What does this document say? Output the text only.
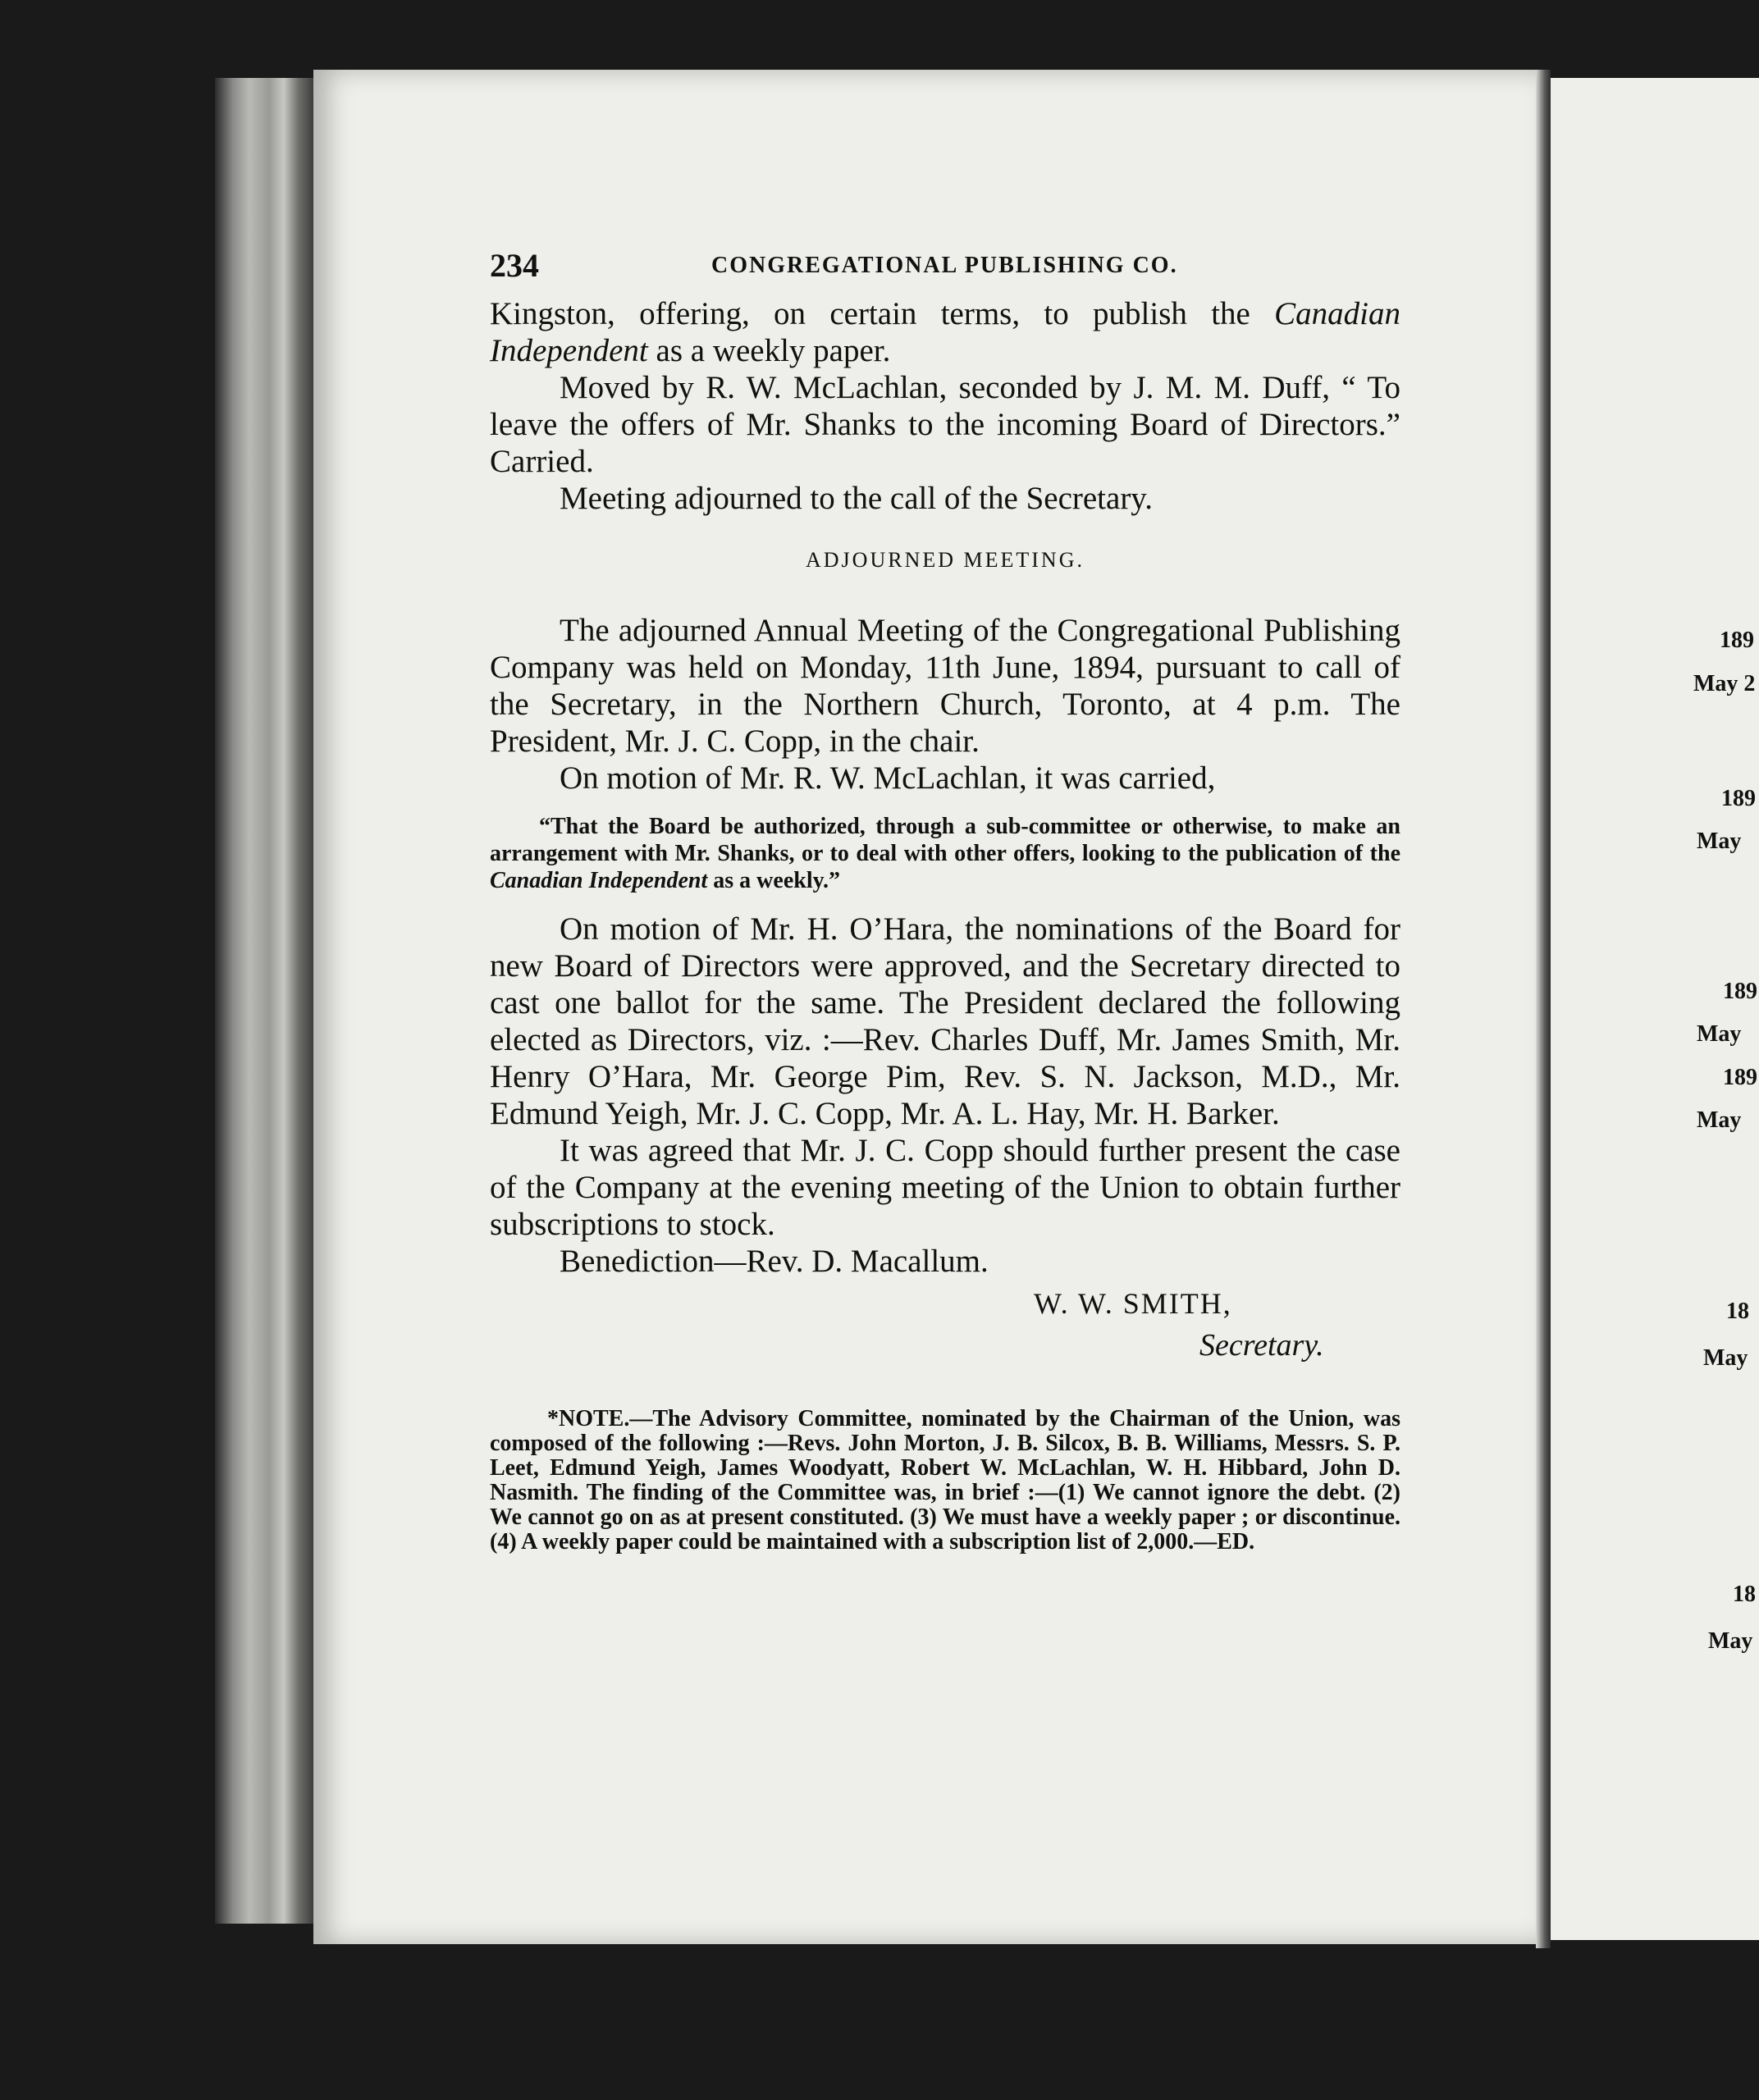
234	CONGREGATIONAL PUBLISHING CO.

Kingston, offering, on certain terms, to publish the Canadian Independent as a weekly paper.

Moved by R. W. McLachlan, seconded by J. M. M. Duff, “ To leave the offers of Mr. Shanks to the incoming Board of Directors.” Carried.

Meeting adjourned to the call of the Secretary.

ADJOURNED MEETING.

The adjourned Annual Meeting of the Congregational Publishing Company was held on Monday, 11th June, 1894, pursuant to call of the Secretary, in the Northern Church, Toronto, at 4 p.m. The President, Mr. J. C. Copp, in the chair.

On motion of Mr. R. W. McLachlan, it was carried,

“That the Board be authorized, through a sub-committee or otherwise, to make an arrangement with Mr. Shanks, or to deal with other offers, looking to the publication of the Canadian Independent as a weekly.”

On motion of Mr. H. O’Hara, the nominations of the Board for new Board of Directors were approved, and the Secretary directed to cast one ballot for the same. The President declared the following elected as Directors, viz. :—Rev. Charles Duff, Mr. James Smith, Mr. Henry O’Hara, Mr. George Pim, Rev. S. N. Jackson, M.D., Mr. Edmund Yeigh, Mr. J. C. Copp, Mr. A. L. Hay, Mr. H. Barker.

It was agreed that Mr. J. C. Copp should further present the case of the Company at the evening meeting of the Union to obtain further subscriptions to stock.

Benediction—Rev. D. Macallum.

W. W. SMITH,
Secretary.
*NOTE.—The Advisory Committee, nominated by the Chairman of the Union, was composed of the following :—Revs. John Morton, J. B. Silcox, B. B. Williams, Messrs. S. P. Leet, Edmund Yeigh, James Woodyatt, Robert W. McLachlan, W. H. Hibbard, John D. Nasmith. The finding of the Committee was, in brief :—(1) We cannot ignore the debt. (2) We cannot go on as at present constituted. (3) We must have a weekly paper ; or discontinue. (4) A weekly paper could be maintained with a subscription list of 2,000.—ED.
189
May 2
189
May
189
May
189
May
18
May
18
May
